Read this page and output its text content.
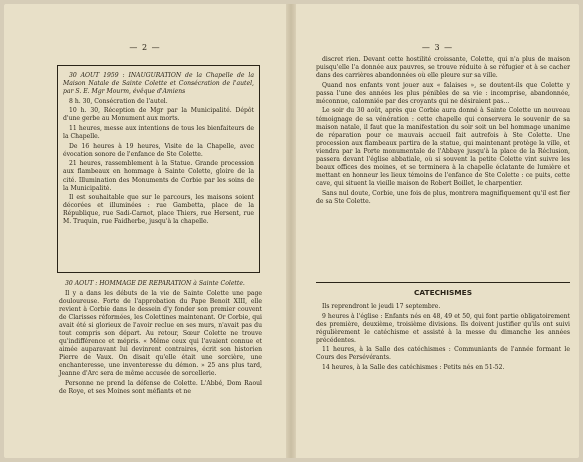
— 2 —

30 AOUT 1959 : INAUGURATION de la Chapelle de la Maison Natale de Sainte Colette et Consécration de l'autel, par S. E. Mgr Mourm, évêque d'Amiens

8 h. 30, Consécration de l'autel.

10 h. 30, Réception de Mgr par la Municipalité. Dépôt d'une gerbe au Monument aux morts.

11 heures, messe aux intentions de tous les bienfaiteurs de la Chapelle.

De 16 heures à 19 heures, Visite de la Chapelle, avec évocation sonore de l'enfance de Ste Colette.

21 heures, rassemblement à la Statue. Grande procession aux flambeaux en hommage à Sainte Colette, gloire de la cité. Illumination des Monuments de Corbie par les soins de la Municipalité.

Il est souhaitable que sur le parcours, les maisons soient décorées et illuminées : rue Gambetta, place de la République, rue Sadi-Carnot, place Thiers, rue Hersent, rue M. Truquin, rue Faidherbe, jusqu'à la chapelle.

30 AOUT : HOMMAGE DE REPARATION à Sainte Colette.

Il y a dans les débuts de la vie de Sainte Colette une page douloureuse. Forte de l'approbation du Pape Benoit XIII, elle revient à Corbie dans le dessein d'y fonder son premier couvent de Clarisses réformées, les Colettines maintenant. Or Corbie, qui avait été si glorieux de l'avoir reclue en ses murs, n'avait pas du tout compris son départ. Au retour, Sœur Colette ne trouve qu'indifférence et mépris. « Même ceux qui l'avaient connue et aimée auparavant lui devinrent contraires, écrit son historien Pierre de Vaux. On disait qu'elle était une sorcière, une enchanteresse, une inventeresse du démon. » 25 ans plus tard, Jeanne d'Arc sera de même accusée de sorcellerie.

Personne ne prend la défense de Colette. L'Abbé, Dom Raoul de Roye, et ses Moines sont méfiants et ne

— 3 —

discret rien. Devant cette hostilité croissante, Colette, qui n'a plus de maison puisqu'elle l'a donnée aux pauvres, se trouve réduite à se réfugier et à se cacher dans des carrières abandonnées où elle pleure sur sa ville.

Quand nos enfants vont jouer aux « falaises », se doutent-ils que Colette y passa l'une des années les plus pénibles de sa vie : incomprise, abandonnée, méconnue, calomniée par des croyants qui ne désiraient pas...

Le soir du 30 août, après que Corbie aura donné à Sainte Colette un nouveau témoignage de sa vénération : cette chapelle qui conservera le souvenir de sa maison natale, il faut que la manifestation du soir soit un bel hommage unanime de réparation pour ce mauvais accueil fait autrefois à Ste Colette. Une procession aux flambeaux partira de la statue, qui maintenant protège la ville, et viendra par la Porte monumentale de l'Abbaye jusqu'à la place de la Réclusion, passera devant l'église abbatiale, où si souvent la petite Colette vint suivre les beaux offices des moines, et se terminera à la chapelle éclatante de lumière et mettant en honneur les lieux témoins de l'enfance de Ste Colette : ce puits, cette cave, qui situent la vieille maison de Robert Boillet, le charpentier.

Sans nul doute, Corbie, une fois de plus, montrera magnifiquement qu'il est fier de sa Ste Colette.

CATECHISMES

Ils reprendront le jeudi 17 septembre.

9 heures à l'église : Enfants nés en 48, 49 et 50, qui font partie obligatoirement des première, deuxième, troisième divisions. Ils doivent justifier qu'ils ont suivi régulièrement le catéchisme et assisté à la messe du dimanche les années précédentes.

11 heures, à la Salle des catéchismes : Communiants de l'année formant le Cours des Persévérants.

14 heures, à la Salle des catéchismes : Petits nés en 51-52.
